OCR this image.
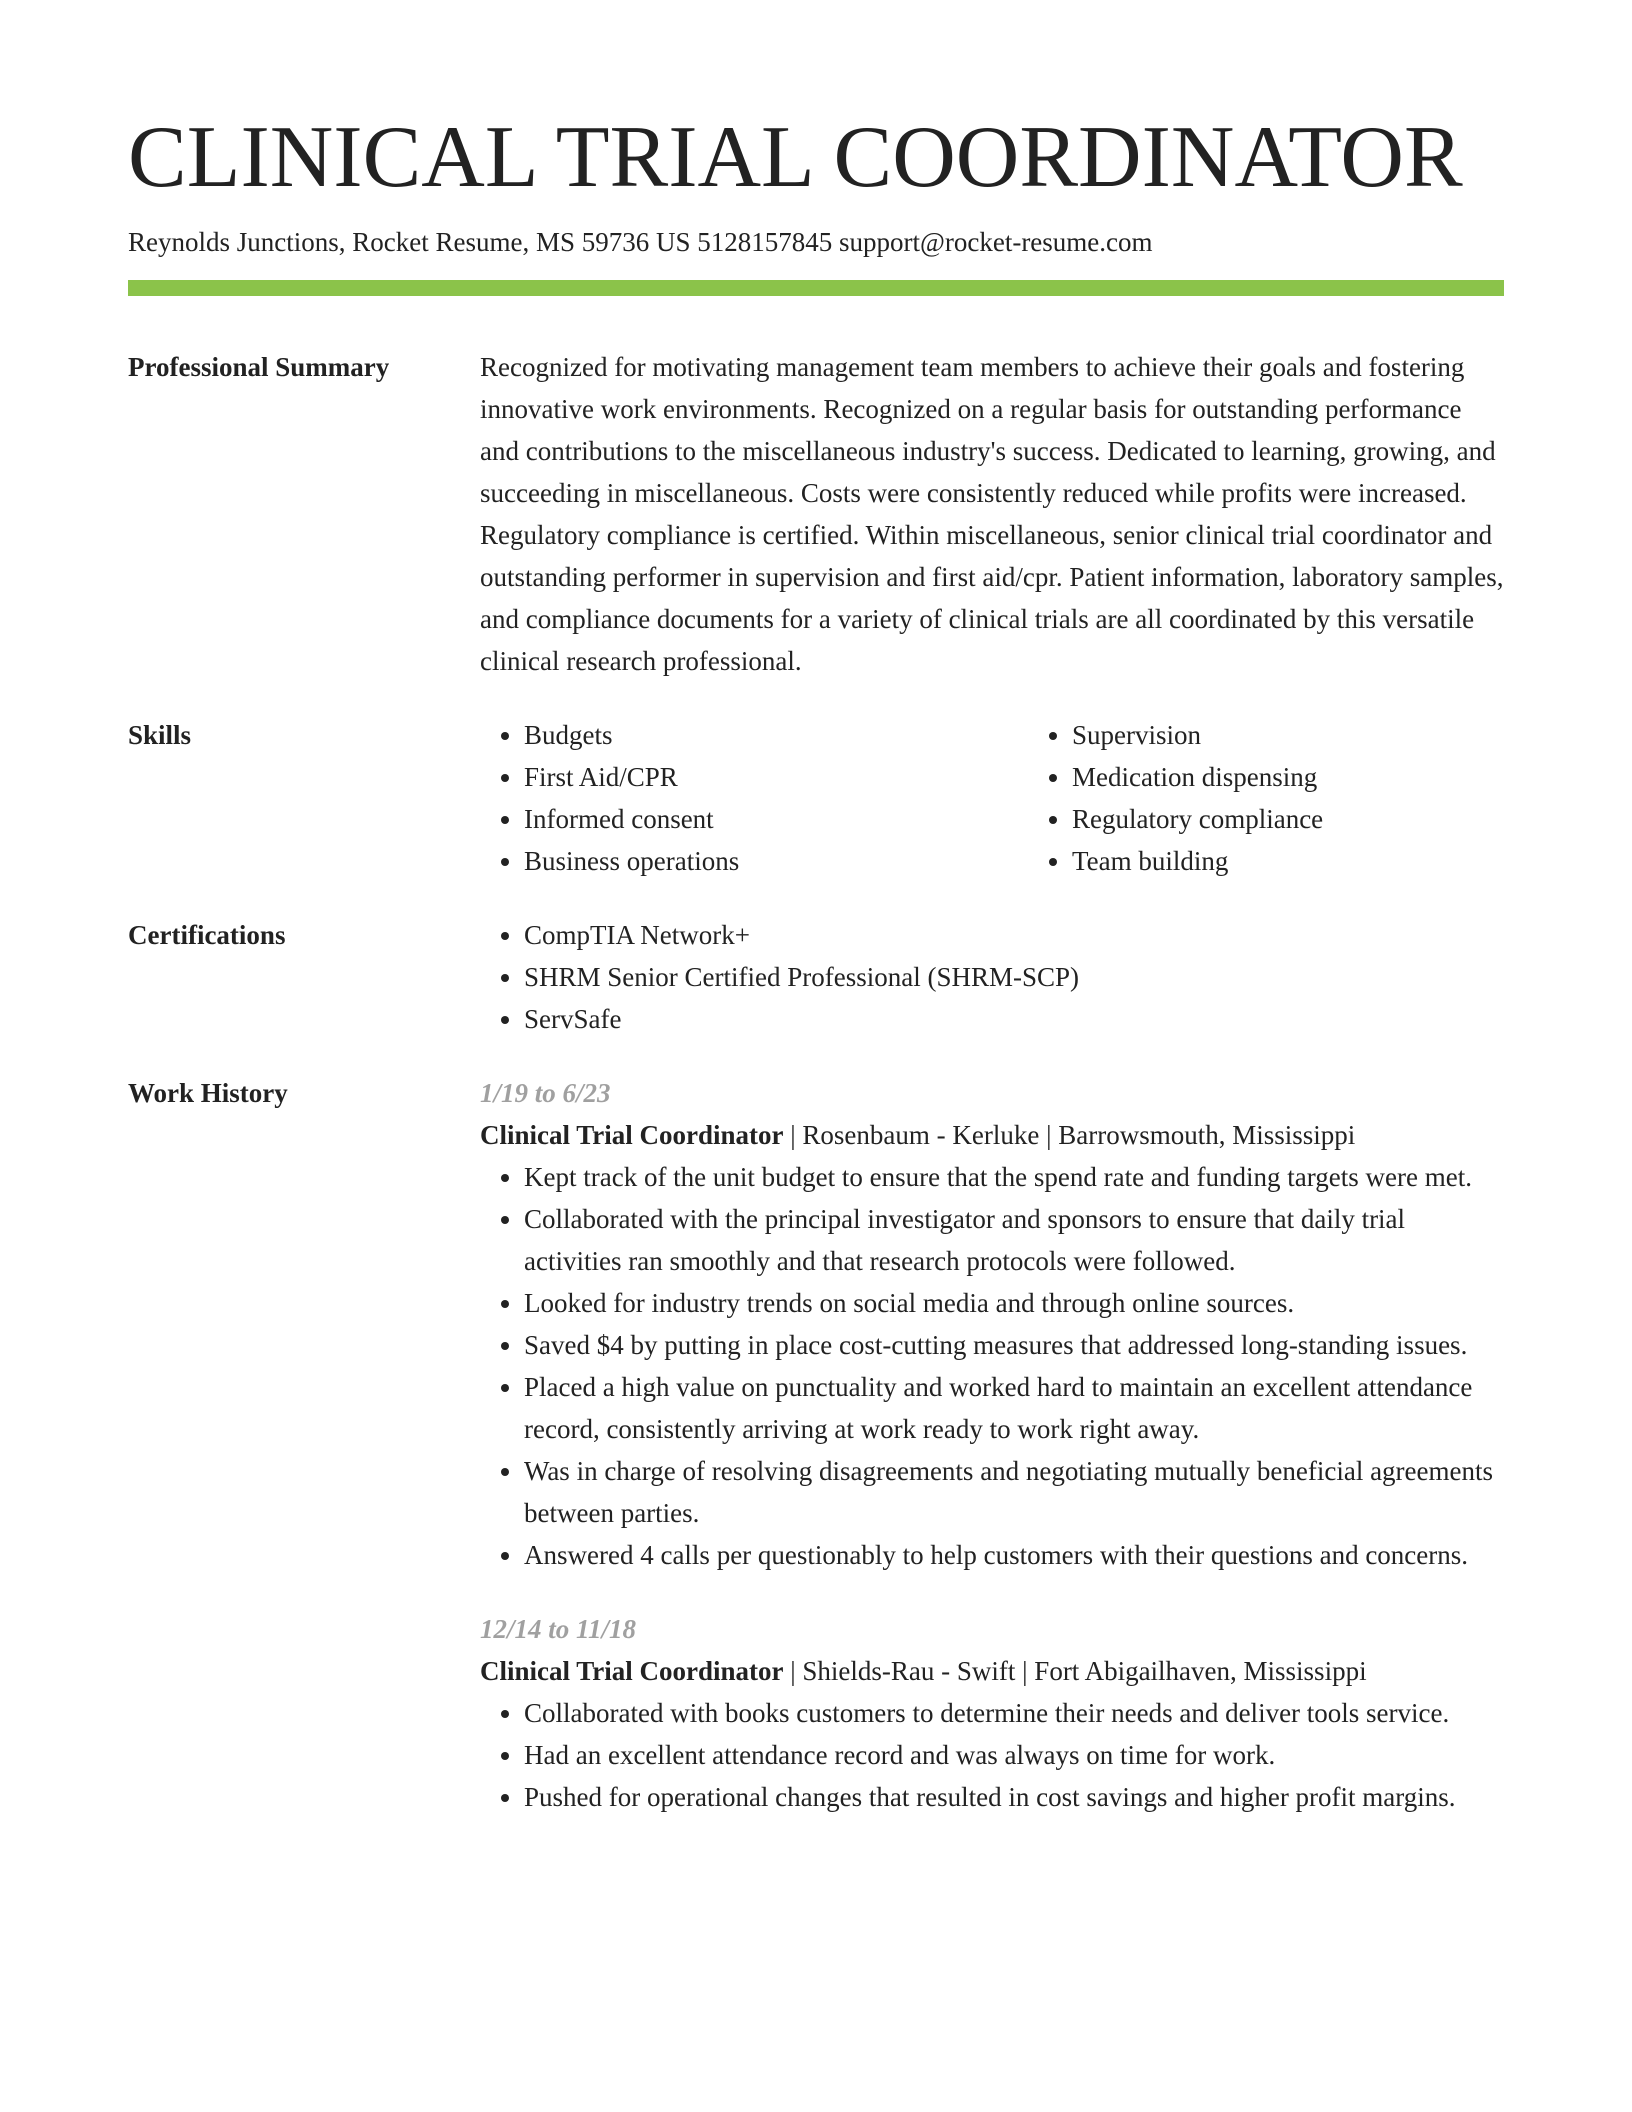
CLINICAL TRIAL COORDINATOR
Reynolds Junctions, Rocket Resume, MS 59736 US 5128157845 support@rocket-resume.com
Professional Summary	Recognized for motivating management team members to achieve their goals and fostering innovative work environments. Recognized on a regular basis for outstanding performance and contributions to the miscellaneous industry's success. Dedicated to learning, growing, and succeeding in miscellaneous. Costs were consistently reduced while profits were increased. Regulatory compliance is certified. Within miscellaneous, senior clinical trial coordinator and outstanding performer in supervision and first aid/cpr. Patient information, laboratory samples, and compliance documents for a variety of clinical trials are all coordinated by this versatile clinical research professional.
Skills	• Budgets
• First Aid/CPR
• Informed consent
• Business operations
• Supervision
• Medication dispensing
• Regulatory compliance
• Team building
Certifications	• CompTIA Network+
• SHRM Senior Certified Professional (SHRM-SCP)
• ServSafe
Work History	1/19 to 6/23
Clinical Trial Coordinator | Rosenbaum - Kerluke | Barrowsmouth, Mississippi
• Kept track of the unit budget to ensure that the spend rate and funding targets were met.
• Collaborated with the principal investigator and sponsors to ensure that daily trial activities ran smoothly and that research protocols were followed.
• Looked for industry trends on social media and through online sources.
• Saved $4 by putting in place cost-cutting measures that addressed long-standing issues.
• Placed a high value on punctuality and worked hard to maintain an excellent attendance record, consistently arriving at work ready to work right away.
• Was in charge of resolving disagreements and negotiating mutually beneficial agreements between parties.
• Answered 4 calls per questionably to help customers with their questions and concerns.
12/14 to 11/18
Clinical Trial Coordinator | Shields-Rau - Swift | Fort Abigailhaven, Mississippi
• Collaborated with books customers to determine their needs and deliver tools service.
• Had an excellent attendance record and was always on time for work.
• Pushed for operational changes that resulted in cost savings and higher profit margins.
